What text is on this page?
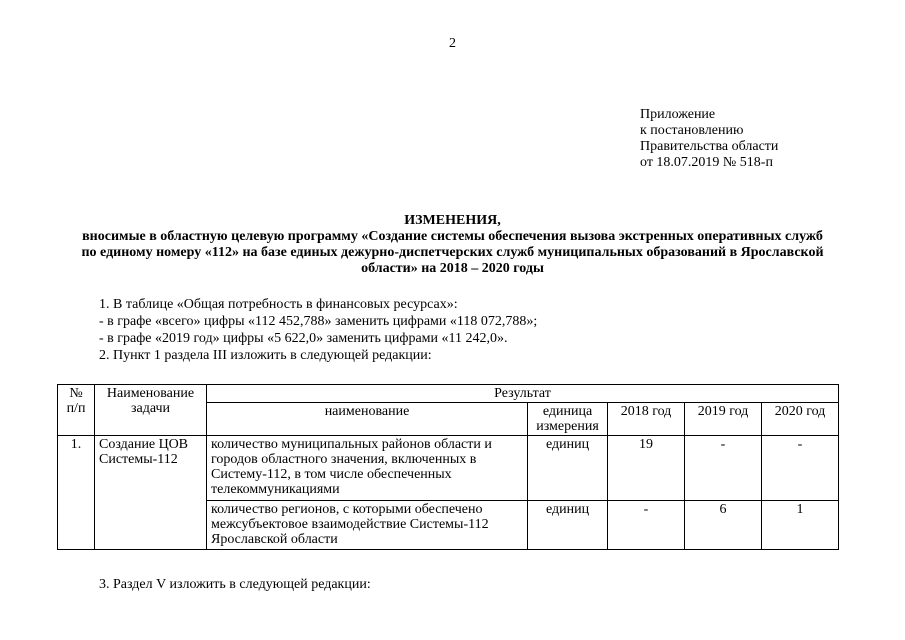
2
Приложение
к постановлению
Правительства области
от 18.07.2019 № 518-п
ИЗМЕНЕНИЯ,
вносимые в областную целевую программу «Создание системы обеспечения вызова экстренных оперативных служб
по единому номеру «112» на базе единых дежурно-диспетчерских служб муниципальных образований в Ярославской
области» на 2018 – 2020 годы
1. В таблице «Общая потребность в финансовых ресурсах»:
- в графе «всего» цифры «112 452,788» заменить цифрами «118 072,788»;
- в графе «2019 год» цифры «5 622,0» заменить цифрами «11 242,0».
2. Пункт 1 раздела III изложить в следующей редакции:
№ п/п	Наименование задачи	Результат				
		наименование	единица измерения	2018 год	2019 год	2020 год
1.	Создание ЦОВ Системы-112	количество муниципальных районов области и городов областного значения, включенных в Систему-112, в том числе обеспеченных телекоммуникациями	единиц	19	-	-
		количество регионов, с которыми обеспечено межсубъектовое взаимодействие Системы-112 Ярославской области	единиц	-	6	1
3. Раздел V изложить в следующей редакции:
